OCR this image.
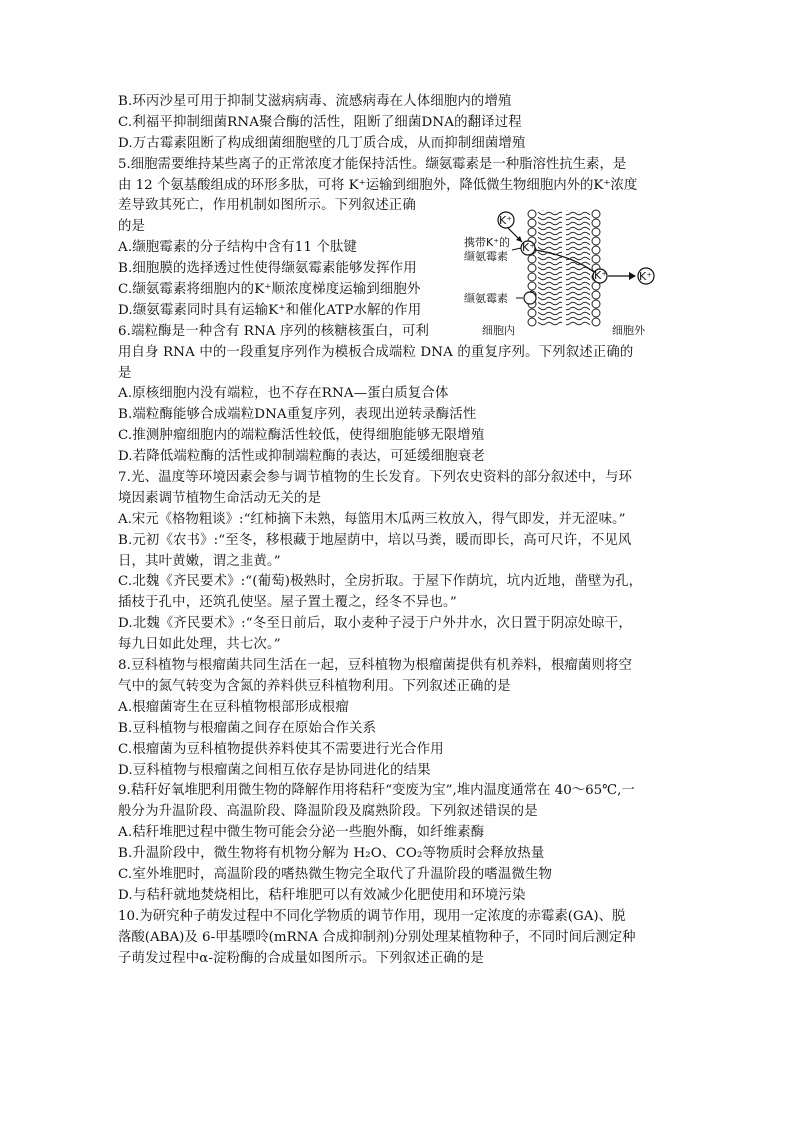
B.环丙沙星可用于抑制艾滋病病毒、流感病毒在人体细胞内的增殖
C.利福平抑制细菌RNA聚合酶的活性，阻断了细菌DNA的翻译过程
D.万古霉素阻断了构成细菌细胞壁的几丁质合成，从而抑制细菌增殖
5.细胞需要维持某些离子的正常浓度才能保持活性。缬氨霉素是一种脂溶性抗生素，是
由 12 个氨基酸组成的环形多肽，可将 K⁺运输到细胞外，降低微生物细胞内外的K⁺浓度
差导致其死亡，作用机制如图所示。下列叙述正确
的是
A.缬胞霉素的分子结构中含有11 个肽键
B.细胞膜的选择透过性使得缬氨霉素能够发挥作用
C.缬氨霉素将细胞内的K⁺顺浓度梯度运输到细胞外
D.缬氨霉素同时具有运输K⁺和催化ATP水解的作用
6.端粒酶是一种含有 RNA 序列的核糖核蛋白，可利
用自身 RNA 中的一段重复序列作为模板合成端粒 DNA 的重复序列。下列叙述正确的
是
A.原核细胞内没有端粒，也不存在RNA—蛋白质复合体
B.端粒酶能够合成端粒DNA重复序列，表现出逆转录酶活性
C.推测肿瘤细胞内的端粒酶活性较低，使得细胞能够无限增殖
D.若降低端粒酶的活性或抑制端粒酶的表达，可延缓细胞衰老
7.光、温度等环境因素会参与调节植物的生长发育。下列农史资料的部分叙述中，与环
境因素调节植物生命活动无关的是
A.宋元《格物粗谈》:“红柿摘下未熟，每篮用木瓜两三枚放入，得气即发，并无涩味。”
B.元初《农书》:“至冬，移根藏于地屋荫中，培以马粪，暖而即长，高可尺许，不见风
日，其叶黄嫩，谓之韭黄。”
C.北魏《齐民要术》:“(葡萄)极熟时，全房折取。于屋下作荫坑，坑内近地，凿壁为孔，
插枝于孔中，还筑孔使坚。屋子置土覆之，经冬不异也。”
D.北魏《齐民要术》:“冬至日前后，取小麦种子浸于户外井水，次日置于阴凉处晾干，
每九日如此处理，共七次。”
8.豆科植物与根瘤菌共同生活在一起，豆科植物为根瘤菌提供有机养料，根瘤菌则将空
气中的氮气转变为含氮的养料供豆科植物利用。下列叙述正确的是
A.根瘤菌寄生在豆科植物根部形成根瘤
B.豆科植物与根瘤菌之间存在原始合作关系
C.根瘤菌为豆科植物提供养料使其不需要进行光合作用
D.豆科植物与根瘤菌之间相互依存是协同进化的结果
9.秸秆好氧堆肥利用微生物的降解作用将秸秆“变废为宝”,堆内温度通常在 40～65℃,一
般分为升温阶段、高温阶段、降温阶段及腐熟阶段。下列叙述错误的是
A.秸秆堆肥过程中微生物可能会分泌一些胞外酶，如纤维素酶
B.升温阶段中，微生物将有机物分解为 H₂O、CO₂等物质时会释放热量
C.室外堆肥时，高温阶段的嗜热微生物完全取代了升温阶段的嗜温微生物
D.与秸秆就地焚烧相比，秸秆堆肥可以有效减少化肥使用和环境污染
10.为研究种子萌发过程中不同化学物质的调节作用，现用一定浓度的赤霉素(GA)、脱
落酸(ABA)及 6-甲基嘌呤(mRNA 合成抑制剂)分别处理某植物种子，不同时间后测定种
子萌发过程中α-淀粉酶的合成量如图所示。下列叙述正确的是
K⁺
K⁺
K⁺	K⁺
携带K⁺的
缬氨霉素
缬氨霉素
细胞内	细胞外
